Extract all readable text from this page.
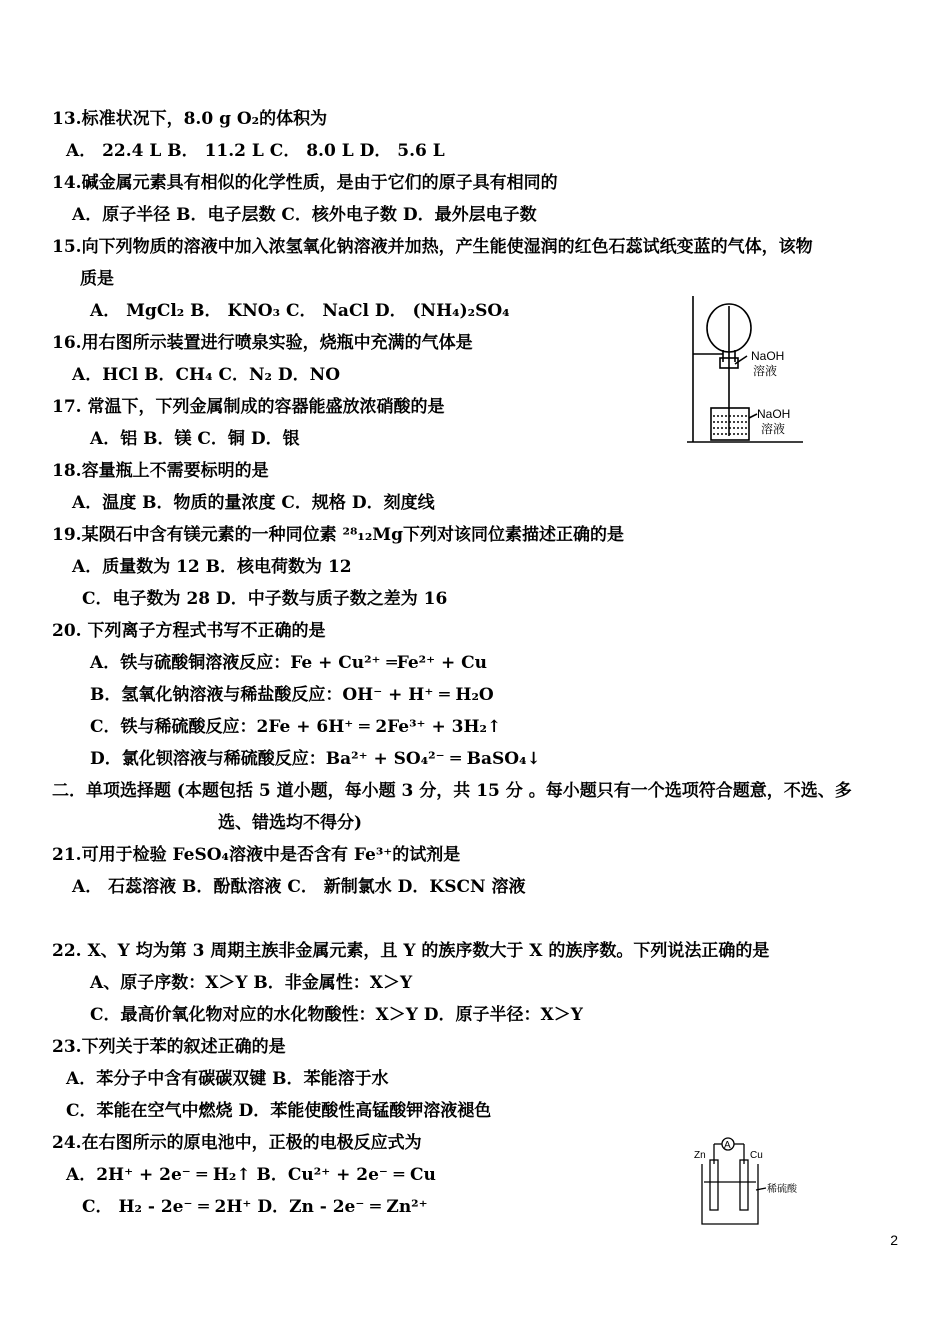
13.标准状况下，8.0 g O₂的体积为
A． 22.4 L B． 11.2 L C． 8.0 L D． 5.6 L
14.碱金属元素具有相似的化学性质，是由于它们的原子具有相同的
A．原子半径 B．电子层数 C．核外电子数 D．最外层电子数
15.向下列物质的溶液中加入浓氢氧化钠溶液并加热，产生能使湿润的红色石蕊试纸变蓝的气体，该物
质是
A． MgCl₂ B． KNO₃ C． NaCl D． (NH₄)₂SO₄
16.用右图所示装置进行喷泉实验，烧瓶中充满的气体是
A．HCl B．CH₄ C．N₂ D．NO
17. 常温下，下列金属制成的容器能盛放浓硝酸的是
A．铝 B．镁 C．铜 D．银
18.容量瓶上不需要标明的是
A．温度 B．物质的量浓度 C．规格 D．刻度线
19.某陨石中含有镁元素的一种同位素 ²⁸₁₂Mg下列对该同位素描述正确的是
A．质量数为 12 B．核电荷数为 12
C．电子数为 28 D．中子数与质子数之差为 16
20. 下列离子方程式书写不正确的是
A．铁与硫酸铜溶液反应：Fe + Cu²⁺ ═Fe²⁺ + Cu
B．氢氧化钠溶液与稀盐酸反应：OH⁻ + H⁺ ═ H₂O
C．铁与稀硫酸反应：2Fe + 6H⁺ ═ 2Fe³⁺ + 3H₂↑
D．氯化钡溶液与稀硫酸反应：Ba²⁺ + SO₄²⁻ ═ BaSO₄↓
二．单项选择题 (本题包括 5 道小题，每小题 3 分，共 15 分 。每小题只有一个选项符合题意，不选、多
选、错选均不得分)
21.可用于检验 FeSO₄溶液中是否含有 Fe³⁺的试剂是
A． 石蕊溶液 B．酚酞溶液 C． 新制氯水 D．KSCN 溶液
22. X、Y 均为第 3 周期主族非金属元素，且 Y 的族序数大于 X 的族序数。下列说法正确的是
A、原子序数：X＞Y B．非金属性：X＞Y
C．最高价氧化物对应的水化物酸性：X＞Y D．原子半径：X＞Y
23.下列关于苯的叙述正确的是
A．苯分子中含有碳碳双键 B．苯能溶于水
C．苯能在空气中燃烧 D．苯能使酸性高锰酸钾溶液褪色
24.在右图所示的原电池中，正极的电极反应式为
A．2H⁺ + 2e⁻ ═ H₂↑ B．Cu²⁺ + 2e⁻ ═ Cu
C． H₂ - 2e⁻ ═ 2H⁺ D．Zn - 2e⁻ ═ Zn²⁺
NaOH
溶液
NaOH
溶液
A
Zn	Cu
稀硫酸
2
